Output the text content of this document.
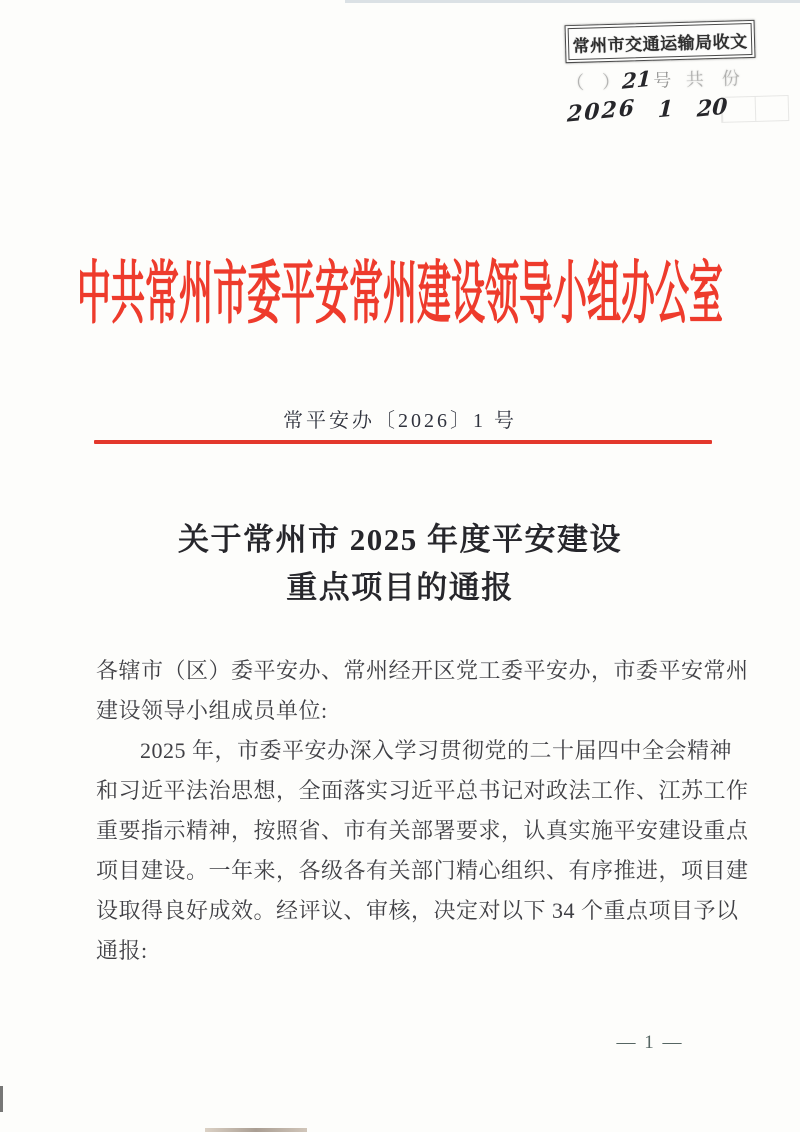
常州市交通运输局收文
（　）21号 共　份
2026 1 20
中共常州市委平安常州建设领导小组办公室
常平安办〔2026〕1 号
关于常州市 2025 年度平安建设
重点项目的通报
各辖市（区）委平安办、常州经开区党工委平安办，市委平安常州
建设领导小组成员单位:
2025 年，市委平安办深入学习贯彻党的二十届四中全会精神
和习近平法治思想，全面落实习近平总书记对政法工作、江苏工作
重要指示精神，按照省、市有关部署要求，认真实施平安建设重点
项目建设。一年来，各级各有关部门精心组织、有序推进，项目建
设取得良好成效。经评议、审核，决定对以下 34 个重点项目予以
通报:
— 1 —
